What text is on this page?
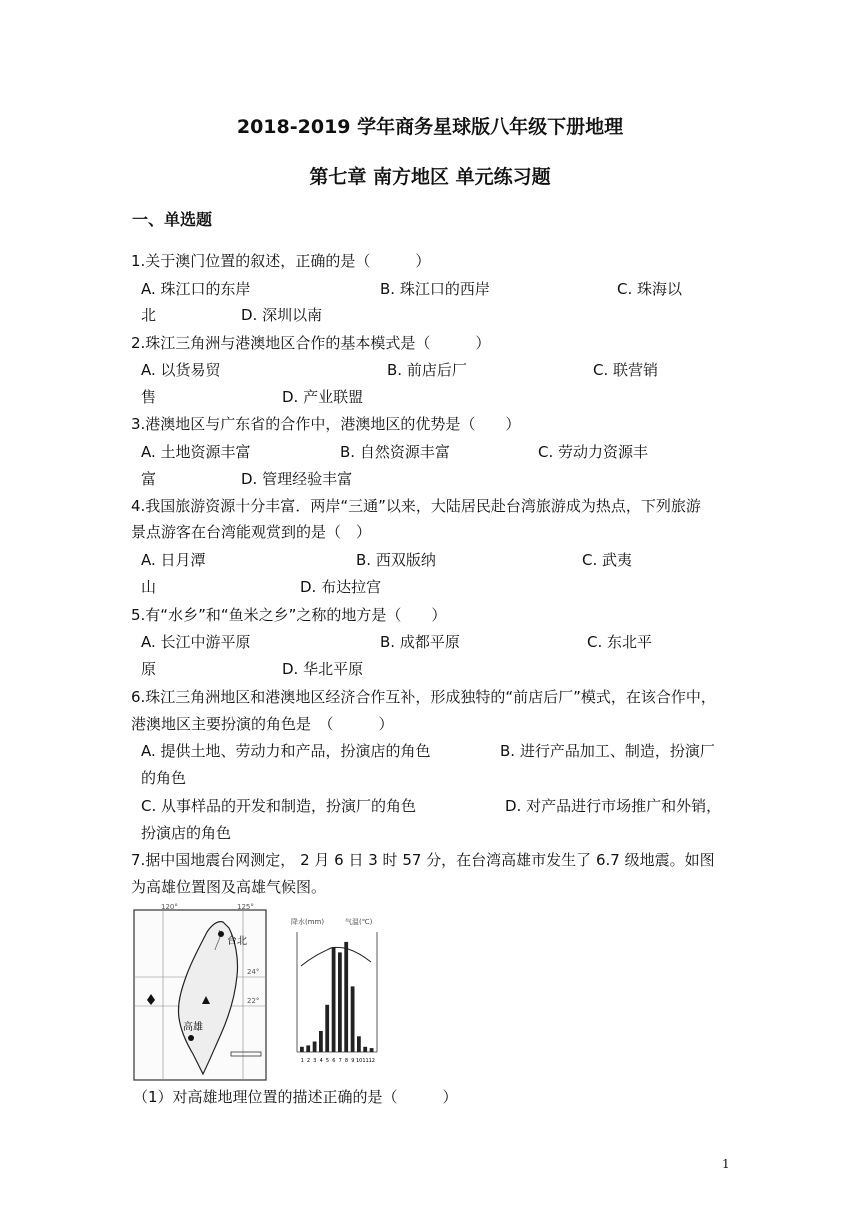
2018-2019 学年商务星球版八年级下册地理
第七章 南方地区 单元练习题
一、单选题
1.关于澳门位置的叙述，正确的是（　　　）
A. 珠江口的东岸	B. 珠江口的西岸	C. 珠海以
北	D. 深圳以南
2.珠江三角洲与港澳地区合作的基本模式是（　　　）
A. 以货易贸	B. 前店后厂	C. 联营销
售	D. 产业联盟
3.港澳地区与广东省的合作中，港澳地区的优势是（　　）
A. 土地资源丰富	B. 自然资源丰富	C. 劳动力资源丰
富	D. 管理经验丰富
4.我国旅游资源十分丰富．两岸“三通”以来，大陆居民赴台湾旅游成为热点，下列旅游
景点游客在台湾能观赏到的是（　）
A. 日月潭	B. 西双版纳	C. 武夷
山	D. 布达拉宫
5.有“水乡”和“鱼米之乡”之称的地方是（　　）
A. 长江中游平原	B. 成都平原	C. 东北平
原	D. 华北平原
6.珠江三角洲地区和港澳地区经济合作互补，形成独特的“前店后厂”模式，在该合作中，
港澳地区主要扮演的角色是　（　　　）
A. 提供土地、劳动力和产品，扮演店的角色	B. 进行产品加工、制造，扮演厂
的角色
C. 从事样品的开发和制造，扮演厂的角色	D. 对产品进行市场推广和外销，
扮演店的角色
7.据中国地震台网测定， 2 月 6 日 3 时 57 分，在台湾高雄市发生了 6.7 级地震。如图
为高雄位置图及高雄气候图。
台北
高雄
120°	125°
24°
22°
降水(mm)	气温(℃)
1 2 3 4 5 6 7 8 9 10 11 12
（1）对高雄地理位置的描述正确的是（　　　）
1
